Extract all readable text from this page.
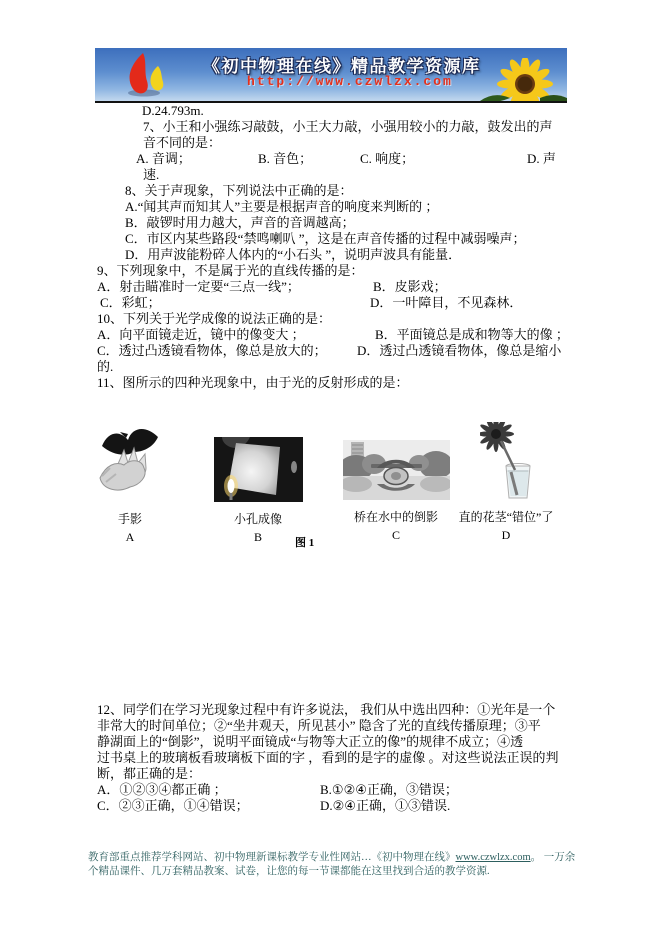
《初中物理在线》精品教学资源库
http://www.czwlzx.com
D.24.793m.
7、小王和小强练习敲鼓，小王大力敲，小强用较小的力敲，鼓发出的声
音不同的是：
A. 音调；	B. 音色；	C. 响度；	D. 声
速.
8、关于声现象，下列说法中正确的是：
A.“闻其声而知其人”主要是根据声音的响度来判断的 ；
B．敲锣时用力越大，声音的音调越高；
C．市区内某些路段“禁鸣喇叭 ”，这是在声音传播的过程中减弱噪声；
D．用声波能粉碎人体内的“小石头 ”，说明声波具有能量．
9、下列现象中，不是属于光的直线传播的是：
A．射击瞄准时一定要“三点一线”；	B．皮影戏；
C．彩虹；	D．一叶障目，不见森林．
10、下列关于光学成像的说法正确的是：
A．向平面镜走近，镜中的像变大 ；	B．平面镜总是成和物等大的像 ；
C．透过凸透镜看物体，像总是放大的； D．透过凸透镜看物体，像总是缩小
的.
11、图所示的四种光现象中，由于光的反射形成的是：
手影
A
小孔成像
B
桥在水中的倒影
C
直的花茎“错位”了
D
图 1
12、同学们在学习光现象过程中有许多说法， 我们从中选出四种：①光年是一个
非常大的时间单位；②“坐井观天，所见甚小” 隐含了光的直线传播原理；③平
静湖面上的“倒影”，说明平面镜成“与物等大正立的像”的规律不成立；④透
过书桌上的玻璃板看玻璃板下面的字 ，看到的是字的虚像 。对这些说法正误的判
断，都正确的是：
A．①②③④都正确 ；	B.①②④正确，③错误；
C．②③正确，①④错误；	D.②④正确，①③错误.
教育部重点推荐学科网站、初中物理新课标教学专业性网站…《初中物理在线》www.czwlzx.com。 一万余
个精品课件、几万套精品教案、试卷，让您的每一节课都能在这里找到合适的教学资源.
